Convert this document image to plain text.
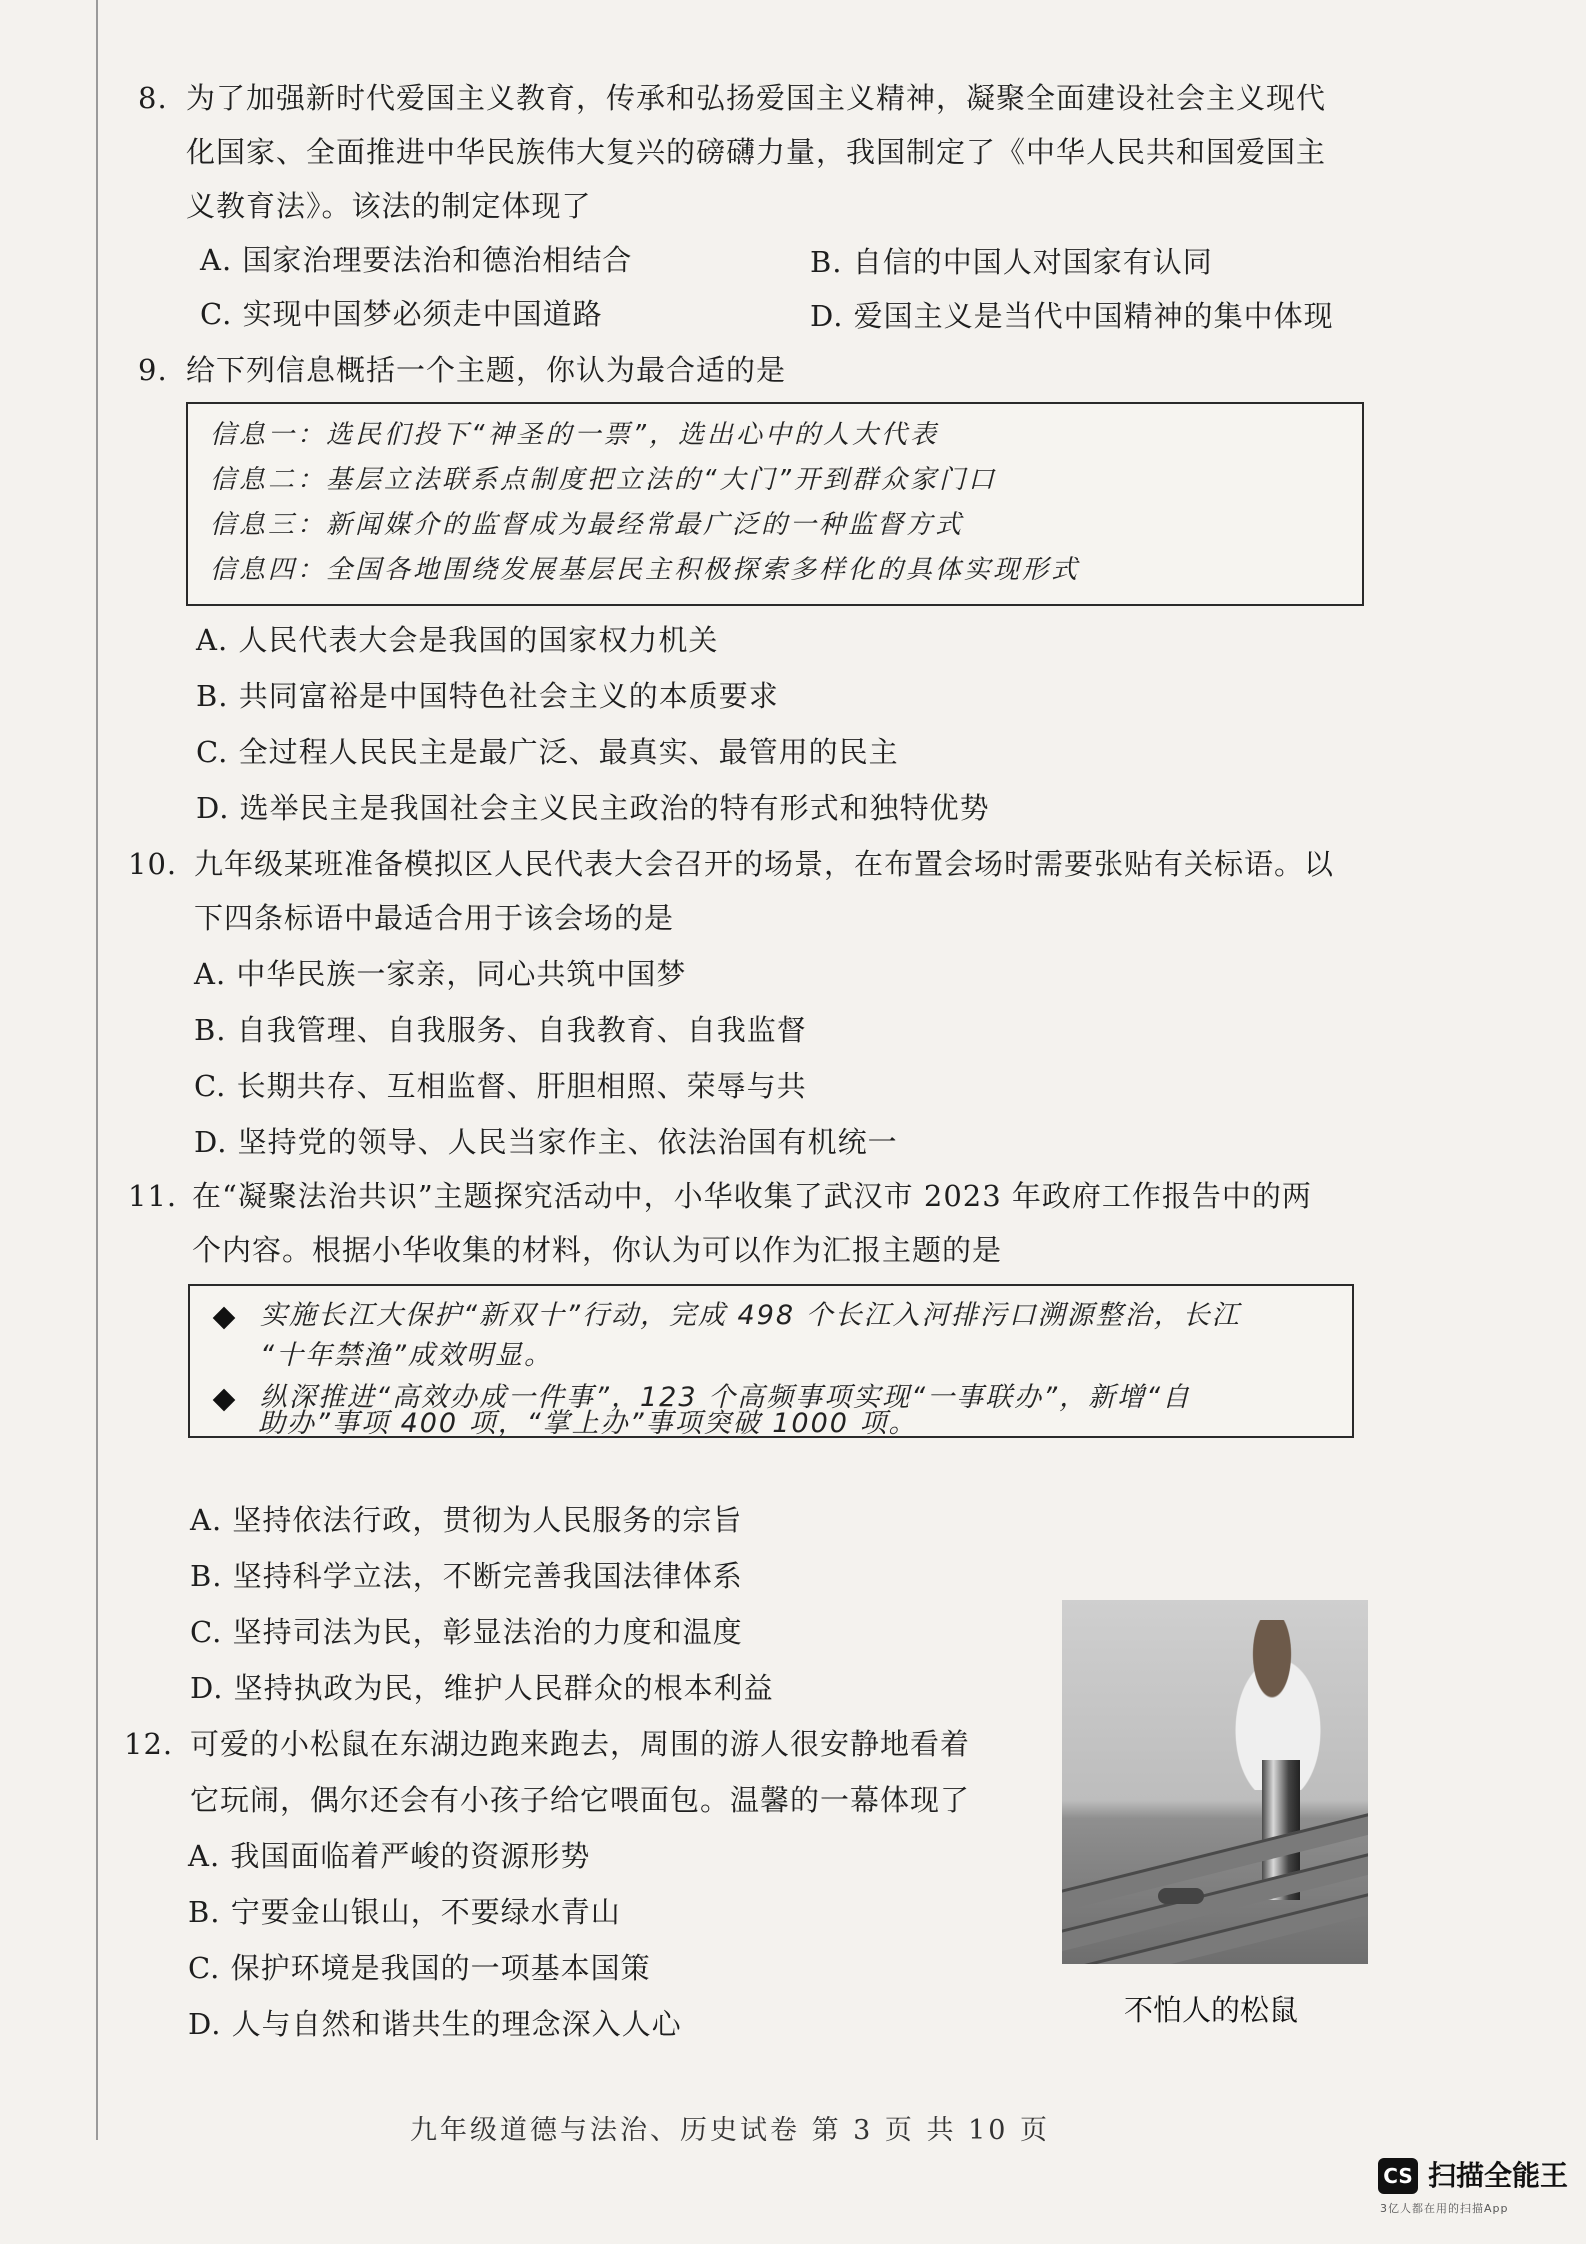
8. 为了加强新时代爱国主义教育，传承和弘扬爱国主义精神，凝聚全面建设社会主义现代
化国家、全面推进中华民族伟大复兴的磅礴力量，我国制定了《中华人民共和国爱国主
义教育法》。该法的制定体现了
A. 国家治理要法治和德治相结合	B. 自信的中国人对国家有认同
C. 实现中国梦必须走中国道路	D. 爱国主义是当代中国精神的集中体现
9. 给下列信息概括一个主题，你认为最合适的是
信息一：选民们投下“神圣的一票”，选出心中的人大代表
信息二：基层立法联系点制度把立法的“大门”开到群众家门口
信息三：新闻媒介的监督成为最经常最广泛的一种监督方式
信息四：全国各地围绕发展基层民主积极探索多样化的具体实现形式
A. 人民代表大会是我国的国家权力机关
B. 共同富裕是中国特色社会主义的本质要求
C. 全过程人民民主是最广泛、最真实、最管用的民主
D. 选举民主是我国社会主义民主政治的特有形式和独特优势
10. 九年级某班准备模拟区人民代表大会召开的场景，在布置会场时需要张贴有关标语。以
下四条标语中最适合用于该会场的是
A. 中华民族一家亲，同心共筑中国梦
B. 自我管理、自我服务、自我教育、自我监督
C. 长期共存、互相监督、肝胆相照、荣辱与共
D. 坚持党的领导、人民当家作主、依法治国有机统一
11. 在“凝聚法治共识”主题探究活动中，小华收集了武汉市 2023 年政府工作报告中的两
个内容。根据小华收集的材料，你认为可以作为汇报主题的是
实施长江大保护“新双十”行动，完成 498 个长江入河排污口溯源整治，长江
“十年禁渔”成效明显。
纵深推进“高效办成一件事”，123 个高频事项实现“一事联办”，新增“自
助办”事项 400 项，“掌上办”事项突破 1000 项。
A. 坚持依法行政，贯彻为人民服务的宗旨
B. 坚持科学立法，不断完善我国法律体系
C. 坚持司法为民，彰显法治的力度和温度
D. 坚持执政为民，维护人民群众的根本利益
12. 可爱的小松鼠在东湖边跑来跑去，周围的游人很安静地看着
它玩闹，偶尔还会有小孩子给它喂面包。温馨的一幕体现了
A. 我国面临着严峻的资源形势
B. 宁要金山银山，不要绿水青山
C. 保护环境是我国的一项基本国策
D. 人与自然和谐共生的理念深入人心	不怕人的松鼠
九年级道德与法治、历史试卷 第 3 页 共 10 页
CS 扫描全能王
3亿人都在用的扫描App
